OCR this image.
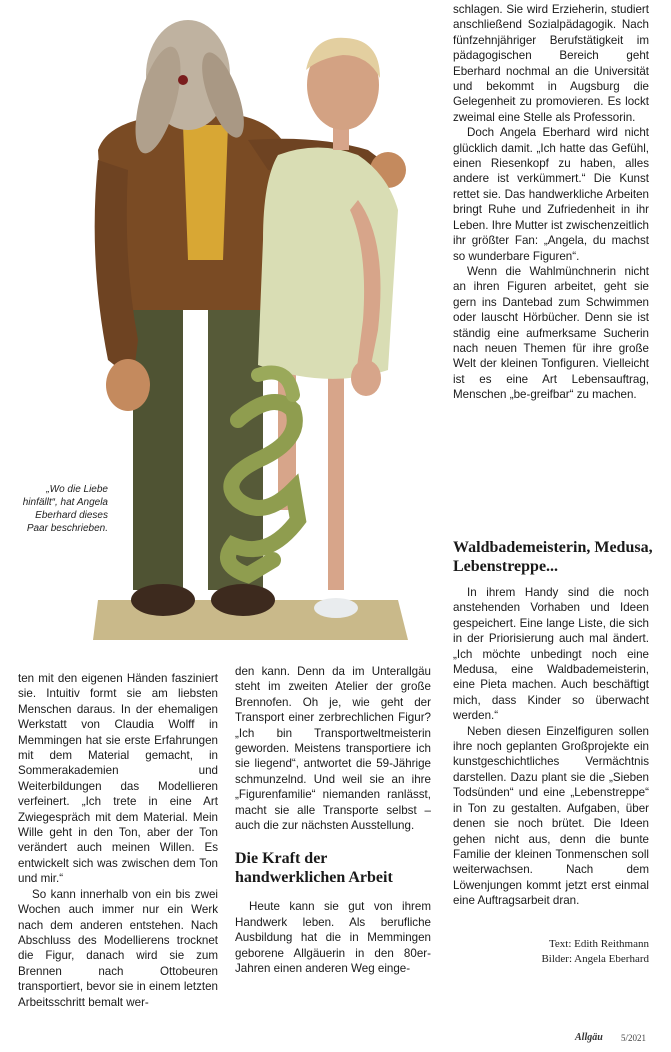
„Wo die Liebe hinfällt“, hat Angela Eberhard dieses Paar beschrieben.

schlagen. Sie wird Erzieherin, studiert anschließend Sozialpädagogik. Nach fünfzehnjähriger Berufstätigkeit im pädagogischen Bereich geht Eberhard nochmal an die Universität und bekommt in Augsburg die Gelegenheit zu promovieren. Es lockt zweimal eine Stelle als Professorin.

Doch Angela Eberhard wird nicht glücklich damit. „Ich hatte das Gefühl, einen Riesenkopf zu haben, alles andere ist verkümmert.“ Die Kunst rettet sie. Das handwerkliche Arbeiten bringt Ruhe und Zufriedenheit in ihr Leben. Ihre Mutter ist zwischenzeitlich ihr größter Fan: „Angela, du machst so wunderbare Figuren“.

Wenn die Wahlmünchnerin nicht an ihren Figuren arbeitet, geht sie gern ins Dantebad zum Schwimmen oder lauscht Hörbücher. Denn sie ist ständig eine aufmerksame Sucherin nach neuen Themen für ihre große Welt der kleinen Tonfiguren. Vielleicht ist es eine Art Lebensauftrag, Menschen „be-greifbar“ zu machen.

Waldbademeisterin, Medusa, Lebenstreppe...

In ihrem Handy sind die noch anstehenden Vorhaben und Ideen gespeichert. Eine lange Liste, die sich in der Priorisierung auch mal ändert. „Ich möchte unbedingt noch eine Medusa, eine Waldbademeisterin, eine Pieta machen. Auch beschäftigt mich, dass Kinder so überwacht werden.“

Neben diesen Einzelfiguren sollen ihre noch geplanten Großprojekte ein kunstgeschichtliches Vermächtnis darstellen. Dazu plant sie die „Sieben Todsünden“ und eine „Lebenstreppe“ in Ton zu gestalten. Aufgaben, über denen sie noch brütet. Die Ideen gehen nicht aus, denn die bunte Familie der kleinen Tonmenschen soll weiterwachsen. Nach dem Löwenjungen kommt jetzt erst einmal eine Auftragsarbeit dran.

ten mit den eigenen Händen fasziniert sie. Intuitiv formt sie am liebsten Menschen daraus. In der ehemaligen Werkstatt von Claudia Wolff in Memmingen hat sie erste Erfahrungen mit dem Material gemacht, in Sommerakademien und Weiterbildungen das Modellieren verfeinert. „Ich trete in eine Art Zwiegespräch mit dem Material. Mein Wille geht in den Ton, aber der Ton verändert auch meinen Willen. Es entwickelt sich was zwischen dem Ton und mir.“

So kann innerhalb von ein bis zwei Wochen auch immer nur ein Werk nach dem anderen entstehen. Nach Abschluss des Modellierens trocknet die Figur, danach wird sie zum Brennen nach Ottobeuren transportiert, bevor sie in einem letzten Arbeitsschritt bemalt wer-

den kann. Denn da im Unterallgäu steht im zweiten Atelier der große Brennofen. Oh je, wie geht der Transport einer zerbrechlichen Figur? „Ich bin Transportweltmeisterin geworden. Meistens transportiere ich sie liegend“, antwortet die 59-Jährige schmunzelnd. Und weil sie an ihre „Figurenfamilie“ niemanden ranlässt, macht sie alle Transporte selbst – auch die zur nächsten Ausstellung.

Die Kraft der handwerklichen Arbeit

Heute kann sie gut von ihrem Handwerk leben. Als berufliche Ausbildung hat die in Memmingen geborene Allgäuerin in den 80er-Jahren einen anderen Weg einge-

Text: Edith Reithmann
Bilder: Angela Eberhard
Allgäu 5/2021
